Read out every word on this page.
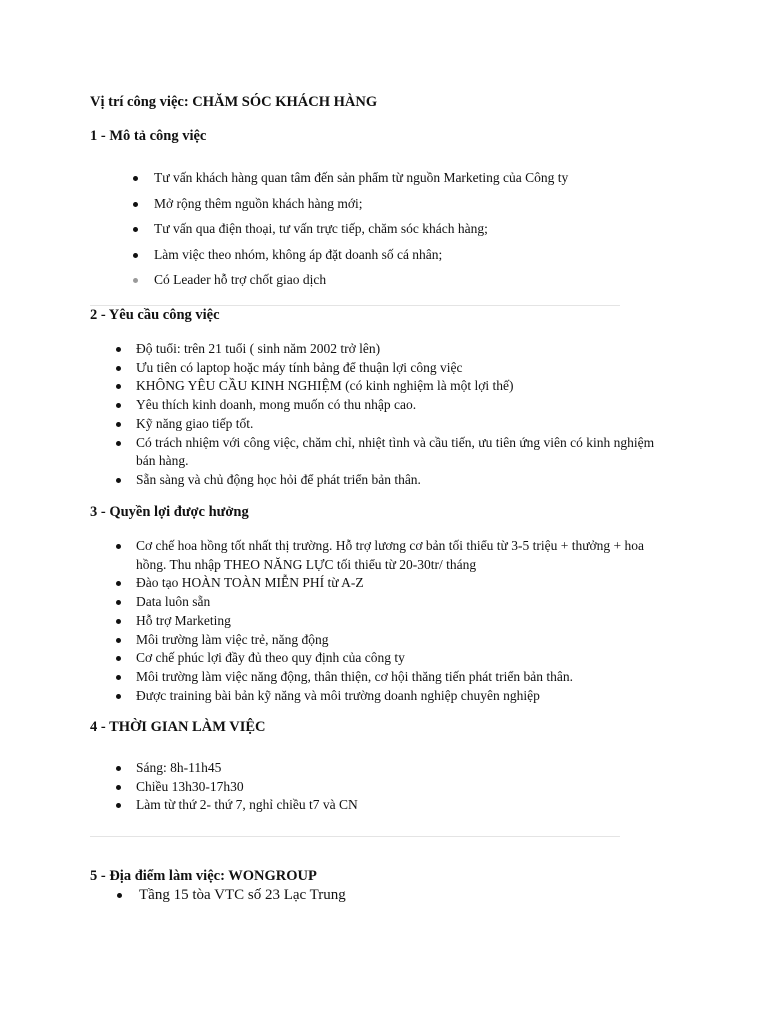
Vị trí công việc: CHĂM SÓC KHÁCH HÀNG
1 - Mô tả công việc
Tư vấn khách hàng quan tâm đến sản phẩm từ nguồn Marketing của Công ty
Mở rộng thêm nguồn khách hàng mới;
Tư vấn qua điện thoại, tư vấn trực tiếp, chăm sóc khách hàng;
Làm việc theo nhóm, không áp đặt doanh số cá nhân;
Có Leader hỗ trợ chốt giao dịch
2 - Yêu cầu công việc
Độ tuổi: trên 21 tuổi ( sinh năm 2002 trở lên)
Ưu tiên có laptop hoặc máy tính bảng để thuận lợi công việc
KHÔNG YÊU CẦU KINH NGHIỆM (có kinh nghiệm là một lợi thế)
Yêu thích kinh doanh, mong muốn có thu nhập cao.
Kỹ năng giao tiếp tốt.
Có trách nhiệm với công việc, chăm chỉ, nhiệt tình và cầu tiến, ưu tiên ứng viên có kinh nghiệm bán hàng.
Sẵn sàng và chủ động học hỏi để phát triển bản thân.
3 - Quyền lợi được hưởng
Cơ chế hoa hồng tốt nhất thị trường. Hỗ trợ lương cơ bản tối thiểu từ 3-5 triệu + thưởng + hoa hồng. Thu nhập THEO NĂNG LỰC tối thiểu từ 20-30tr/ tháng
Đào tạo HOÀN TOÀN MIỄN PHÍ từ A-Z
Data luôn sẵn
Hỗ trợ Marketing
Môi trường làm việc trẻ, năng động
Cơ chế phúc lợi đầy đủ theo quy định của công ty
Môi trường làm việc năng động, thân thiện, cơ hội thăng tiến phát triển bản thân.
Được training bài bản kỹ năng và môi trường doanh nghiệp chuyên nghiệp
4 - THỜI GIAN LÀM VIỆC
Sáng: 8h-11h45
Chiều 13h30-17h30
Làm từ thứ 2- thứ 7, nghỉ chiều t7 và CN
5 - Địa điểm làm việc: WONGROUP
Tầng 15 tòa VTC số 23 Lạc Trung
